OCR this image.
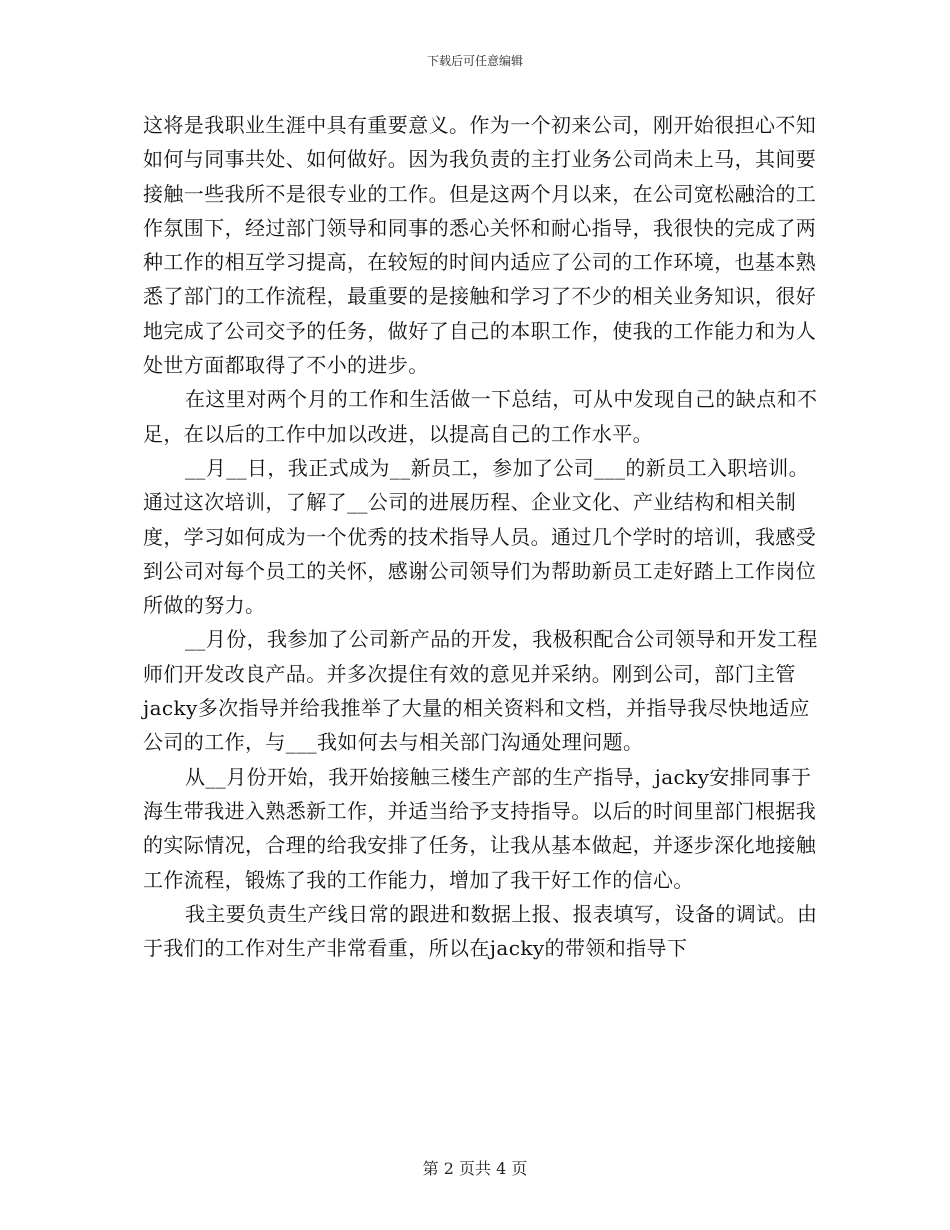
下载后可任意编辑

这将是我职业生涯中具有重要意义。作为一个初来公司，刚开始很担心不知如何与同事共处、如何做好。因为我负责的主打业务公司尚未上马，其间要接触一些我所不是很专业的工作。但是这两个月以来，在公司宽松融洽的工作氛围下，经过部门领导和同事的悉心关怀和耐心指导，我很快的完成了两种工作的相互学习提高，在较短的时间内适应了公司的工作环境，也基本熟悉了部门的工作流程，最重要的是接触和学习了不少的相关业务知识，很好地完成了公司交予的任务，做好了自己的本职工作，使我的工作能力和为人处世方面都取得了不小的进步。

在这里对两个月的工作和生活做一下总结，可从中发现自己的缺点和不足，在以后的工作中加以改进，以提高自己的工作水平。

__月__日，我正式成为__新员工，参加了公司___的新员工入职培训。通过这次培训，了解了__公司的进展历程、企业文化、产业结构和相关制度，学习如何成为一个优秀的技术指导人员。通过几个学时的培训，我感受到公司对每个员工的关怀，感谢公司领导们为帮助新员工走好踏上工作岗位所做的努力。

__月份，我参加了公司新产品的开发，我极积配合公司领导和开发工程师们开发改良产品。并多次提住有效的意见并采纳。刚到公司，部门主管jacky多次指导并给我推举了大量的相关资料和文档，并指导我尽快地适应公司的工作，与___我如何去与相关部门沟通处理问题。

从__月份开始，我开始接触三楼生产部的生产指导，jacky安排同事于海生带我进入熟悉新工作，并适当给予支持指导。以后的时间里部门根据我的实际情况，合理的给我安排了任务，让我从基本做起，并逐步深化地接触工作流程，锻炼了我的工作能力，增加了我干好工作的信心。

我主要负责生产线日常的跟进和数据上报、报表填写，设备的调试。由于我们的工作对生产非常看重，所以在jacky的带领和指导下

第 2 页共 4 页
